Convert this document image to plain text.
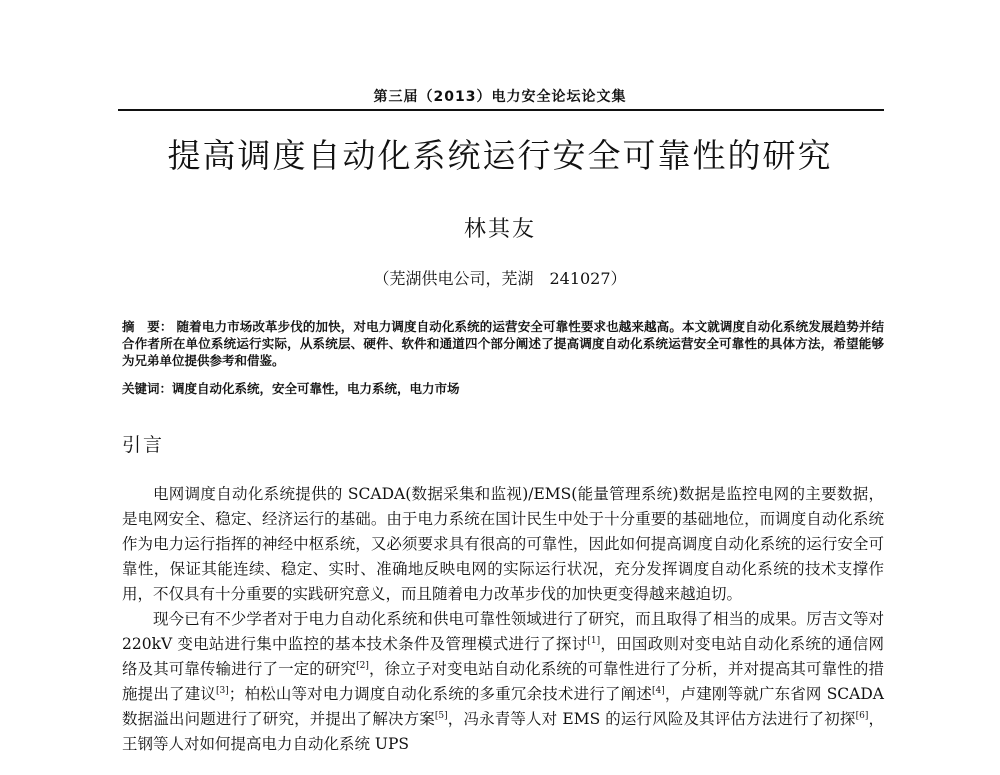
第三届（2013）电力安全论坛论文集
提高调度自动化系统运行安全可靠性的研究
林其友
（芜湖供电公司，芜湖　241027）
摘　要： 随着电力市场改革步伐的加快，对电力调度自动化系统的运营安全可靠性要求也越来越高。本文就调度自动化系统发展趋势并结合作者所在单位系统运行实际，从系统层、硬件、软件和通道四个部分阐述了提高调度自动化系统运营安全可靠性的具体方法，希望能够为兄弟单位提供参考和借鉴。
关键词：调度自动化系统，安全可靠性，电力系统，电力市场
引言

电网调度自动化系统提供的 SCADA(数据采集和监视)/EMS(能量管理系统)数据是监控电网的主要数据，是电网安全、稳定、经济运行的基础。由于电力系统在国计民生中处于十分重要的基础地位，而调度自动化系统作为电力运行指挥的神经中枢系统，又必须要求具有很高的可靠性，因此如何提高调度自动化系统的运行安全可靠性，保证其能连续、稳定、实时、准确地反映电网的实际运行状况，充分发挥调度自动化系统的技术支撑作用，不仅具有十分重要的实践研究意义，而且随着电力改革步伐的加快更变得越来越迫切。

现今已有不少学者对于电力自动化系统和供电可靠性领域进行了研究，而且取得了相当的成果。厉吉文等对 220kV 变电站进行集中监控的基本技术条件及管理模式进行了探讨[1]，田国政则对变电站自动化系统的通信网络及其可靠传输进行了一定的研究[2]，徐立子对变电站自动化系统的可靠性进行了分析，并对提高其可靠性的措施提出了建议[3]；柏松山等对电力调度自动化系统的多重冗余技术进行了阐述[4]，卢建刚等就广东省网 SCADA 数据溢出问题进行了研究，并提出了解决方案[5]，冯永青等人对 EMS 的运行风险及其评估方法进行了初探[6]，王钢等人对如何提高电力自动化系统 UPS
